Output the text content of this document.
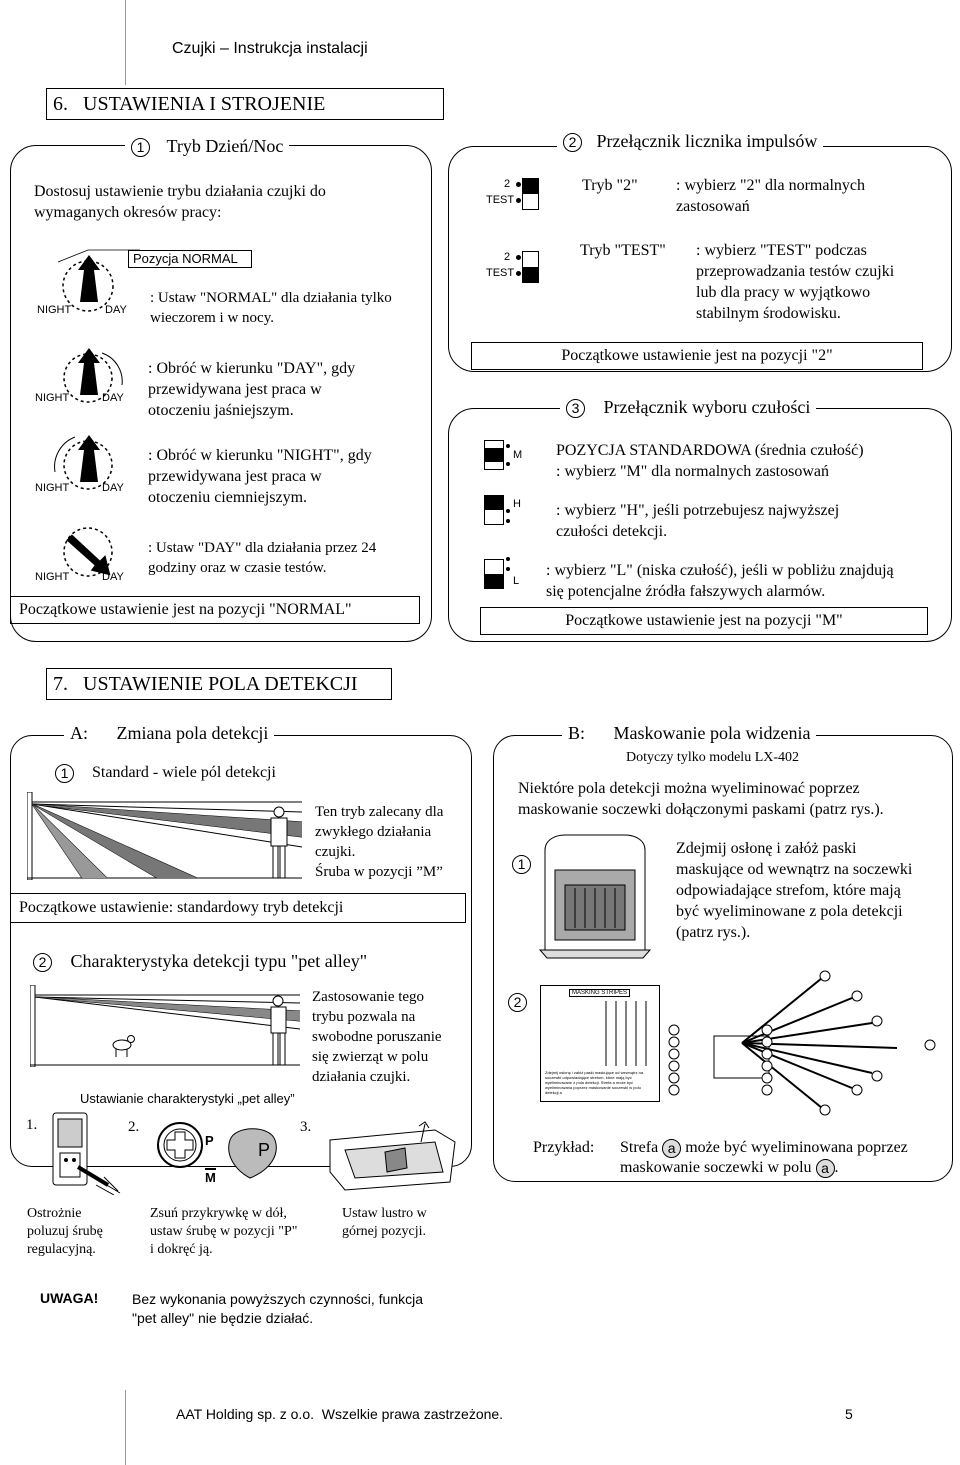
Czujki – Instrukcja instalacji
6.   USTAWIENIA I STROJENIE
1 Tryb Dzień/Noc
Dostosuj ustawienie trybu działania czujki do
wymaganych okresów pracy:
NIGHT	DAY
Pozycja NORMAL
: Ustaw "NORMAL" dla działania tylko
wieczorem i w nocy.
NIGHT	DAY
: Obróć w kierunku "DAY", gdy
przewidywana jest praca w
otoczeniu jaśniejszym.
NIGHT	DAY
: Obróć w kierunku "NIGHT", gdy
przewidywana jest praca w
otoczeniu ciemniejszym.
NIGHT	DAY
: Ustaw "DAY" dla działania przez 24
godziny oraz w czasie testów.
Początkowe ustawienie jest na pozycji "NORMAL"
2 Przełącznik licznika impulsów
2
TEST
Tryb "2" : wybierz "2" dla normalnych
zastosowań
2
TEST
Tryb "TEST" : wybierz "TEST" podczas
przeprowadzania testów czujki
lub dla pracy w wyjątkowo
stabilnym środowisku.
Początkowe ustawienie jest na pozycji "2"
3 Przełącznik wyboru czułości
M POZYCJA STANDARDOWA (średnia czułość)
: wybierz "M" dla normalnych zastosowań
H : wybierz "H", jeśli potrzebujesz najwyższej
czułości detekcji.
L
: wybierz "L" (niska czułość), jeśli w pobliżu znajdują
się potencjalne źródła fałszywych alarmów.
Początkowe ustawienie jest na pozycji "M"
7.   USTAWIENIE POLA DETEKCJI
A: Zmiana pola detekcji
1 Standard - wiele pól detekcji
Ten tryb zalecany dla
zwykłego działania
czujki.
Śruba w pozycji ”M”
Początkowe ustawienie: standardowy tryb detekcji
2 Charakterystyka detekcji typu "pet alley"
Zastosowanie tego
trybu pozwala na
swobodne poruszanie
się zwierząt w polu
działania czujki.
Ustawianie charakterystyki „pet alley”
1.	2.
P
M
P
3.
Ostrożnie
poluzuj śrubę
regulacyjną.
Zsuń przykrywkę w dół,
ustaw śrubę w pozycji "P"
i dokręć ją.
Ustaw lustro w
górnej pozycji.
B: Maskowanie pola widzenia
Dotyczy tylko modelu LX-402
Niektóre pola detekcji można wyeliminować poprzez
maskowanie soczewki dołączonymi paskami (patrz rys.).
1
Zdejmij osłonę i załóż paski
maskujące od wewnątrz na soczewki
odpowiadające strefom, które mają
być wyeliminowane z pola detekcji
(patrz rys.).
2
MASKING STRIPES
Zdejmij osłonę i załóż paski maskujące od wewnątrz na soczewki odpowiadające strefom, które mają być wyeliminowane z pola detekcji. Strefa a może być wyeliminowana poprzez maskowanie soczewki w polu detekcji a
Przykład: Strefa a może być wyeliminowana poprzez
maskowanie soczewki w polu a .
UWAGA! Bez wykonania powyższych czynności, funkcja
"pet alley" nie będzie działać.
AAT Holding sp. z o.o.  Wszelkie prawa zastrzeżone.	5
